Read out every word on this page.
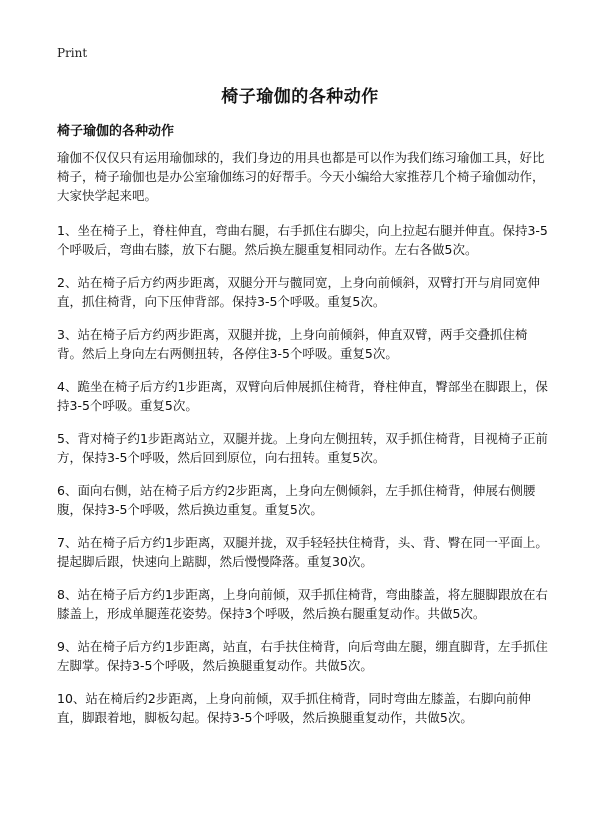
Print
椅子瑜伽的各种动作
椅子瑜伽的各种动作

瑜伽不仅仅只有运用瑜伽球的，我们身边的用具也都是可以作为我们练习瑜伽工具，好比椅子，椅子瑜伽也是办公室瑜伽练习的好帮手。今天小编给大家推荐几个椅子瑜伽动作，大家快学起来吧。

1、坐在椅子上，脊柱伸直，弯曲右腿，右手抓住右脚尖，向上拉起右腿并伸直。保持3-5个呼吸后，弯曲右膝，放下右腿。然后换左腿重复相同动作。左右各做5次。

2、站在椅子后方约两步距离，双腿分开与髋同宽，上身向前倾斜，双臂打开与肩同宽伸直，抓住椅背，向下压伸背部。保持3-5个呼吸。重复5次。

3、站在椅子后方约两步距离，双腿并拢，上身向前倾斜，伸直双臂，两手交叠抓住椅背。然后上身向左右两侧扭转，各停住3-5个呼吸。重复5次。

4、跪坐在椅子后方约1步距离，双臂向后伸展抓住椅背，脊柱伸直，臀部坐在脚跟上，保持3-5个呼吸。重复5次。

5、背对椅子约1步距离站立，双腿并拢。上身向左侧扭转，双手抓住椅背，目视椅子正前方，保持3-5个呼吸，然后回到原位，向右扭转。重复5次。

6、面向右侧，站在椅子后方约2步距离，上身向左侧倾斜，左手抓住椅背，伸展右侧腰腹，保持3-5个呼吸，然后换边重复。重复5次。

7、站在椅子后方约1步距离，双腿并拢，双手轻轻扶住椅背，头、背、臀在同一平面上。提起脚后跟，快速向上踮脚，然后慢慢降落。重复30次。

8、站在椅子后方约1步距离，上身向前倾，双手抓住椅背，弯曲膝盖，将左腿脚跟放在右膝盖上，形成单腿莲花姿势。保持3个呼吸，然后换右腿重复动作。共做5次。

9、站在椅子后方约1步距离，站直，右手扶住椅背，向后弯曲左腿，绷直脚背，左手抓住左脚掌。保持3-5个呼吸，然后换腿重复动作。共做5次。

10、站在椅后约2步距离，上身向前倾，双手抓住椅背，同时弯曲左膝盖，右脚向前伸直，脚跟着地，脚板勾起。保持3-5个呼吸，然后换腿重复动作，共做5次。
